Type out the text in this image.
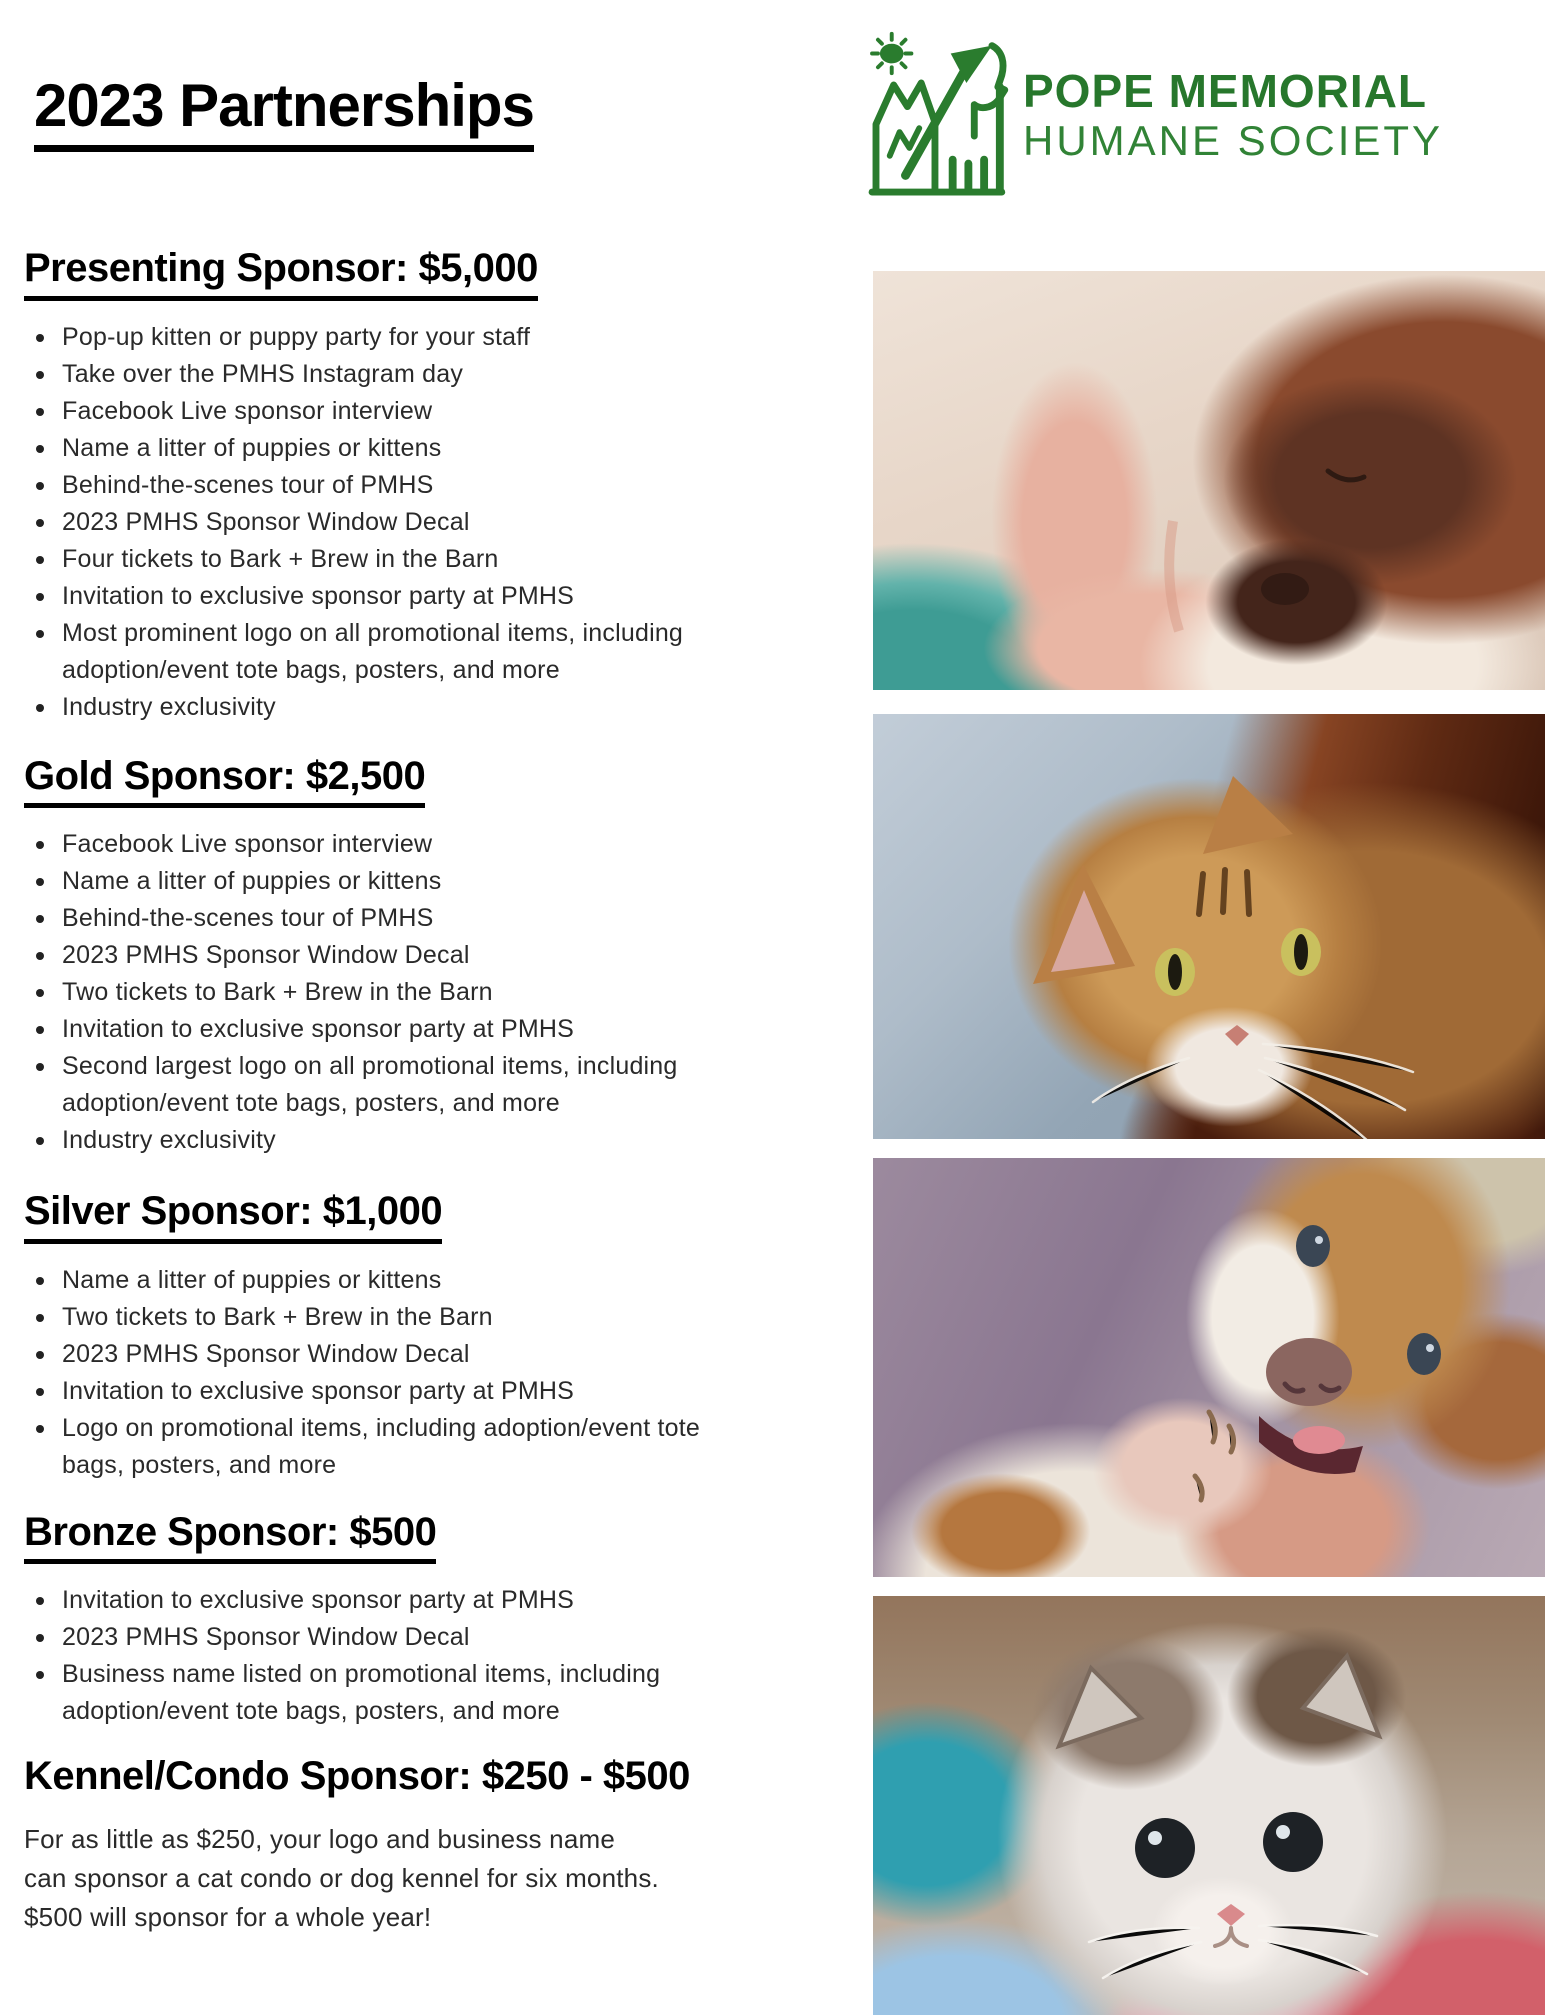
POPE MEMORIAL
HUMANE SOCIETY
2023 Partnerships
Presenting Sponsor: $5,000
Pop-up kitten or puppy party for your staff
Take over the PMHS Instagram day
Facebook Live sponsor interview
Name a litter of puppies or kittens
Behind-the-scenes tour of PMHS
2023 PMHS Sponsor Window Decal
Four tickets to Bark + Brew in the Barn
Invitation to exclusive sponsor party at PMHS
Most prominent logo on all promotional items, including adoption/event tote bags, posters, and more
Industry exclusivity
Gold Sponsor: $2,500
Facebook Live sponsor interview
Name a litter of puppies or kittens
Behind-the-scenes tour of PMHS
2023 PMHS Sponsor Window Decal
Two tickets to Bark + Brew in the Barn
Invitation to exclusive sponsor party at PMHS
Second largest logo on all promotional items, including adoption/event tote bags, posters, and more
Industry exclusivity
Silver Sponsor: $1,000
Name a litter of puppies or kittens
Two tickets to Bark + Brew in the Barn
2023 PMHS Sponsor Window Decal
Invitation to exclusive sponsor party at PMHS
Logo on promotional items, including adoption/event tote bags, posters, and more
Bronze Sponsor: $500
Invitation to exclusive sponsor party at PMHS
2023 PMHS Sponsor Window Decal
Business name listed on promotional items, including adoption/event tote bags, posters, and more
Kennel/Condo Sponsor: $250 - $500

For as little as $250, your logo and business name can sponsor a cat condo or dog kennel for six months. $500 will sponsor for a whole year!
